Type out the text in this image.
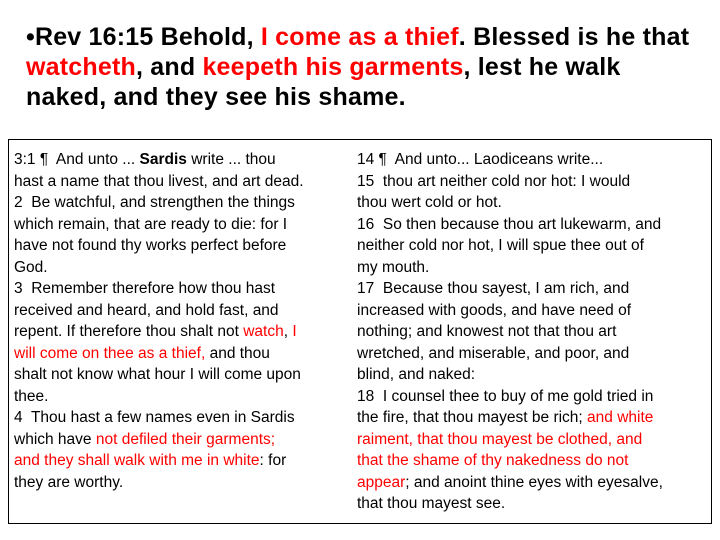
•Rev 16:15 Behold, I come as a thief. Blessed is he that watcheth, and keepeth his garments, lest he walk naked, and they see his shame.
3:1 ¶  And unto ... Sardis write ... thou
hast a name that thou livest, and art dead.
2  Be watchful, and strengthen the things
which remain, that are ready to die: for I
have not found thy works perfect before
God.
3  Remember therefore how thou hast
received and heard, and hold fast, and
repent. If therefore thou shalt not watch, I
will come on thee as a thief, and thou
shalt not know what hour I will come upon
thee.
4  Thou hast a few names even in Sardis
which have not defiled their garments;
and they shall walk with me in white: for
they are worthy.
14 ¶  And unto... Laodiceans write...
15  thou art neither cold nor hot: I would
thou wert cold or hot.
16  So then because thou art lukewarm, and
neither cold nor hot, I will spue thee out of
my mouth.
17  Because thou sayest, I am rich, and
increased with goods, and have need of
nothing; and knowest not that thou art
wretched, and miserable, and poor, and
blind, and naked:
18  I counsel thee to buy of me gold tried in
the fire, that thou mayest be rich; and white
raiment, that thou mayest be clothed, and
that the shame of thy nakedness do not
appear; and anoint thine eyes with eyesalve,
that thou mayest see.
